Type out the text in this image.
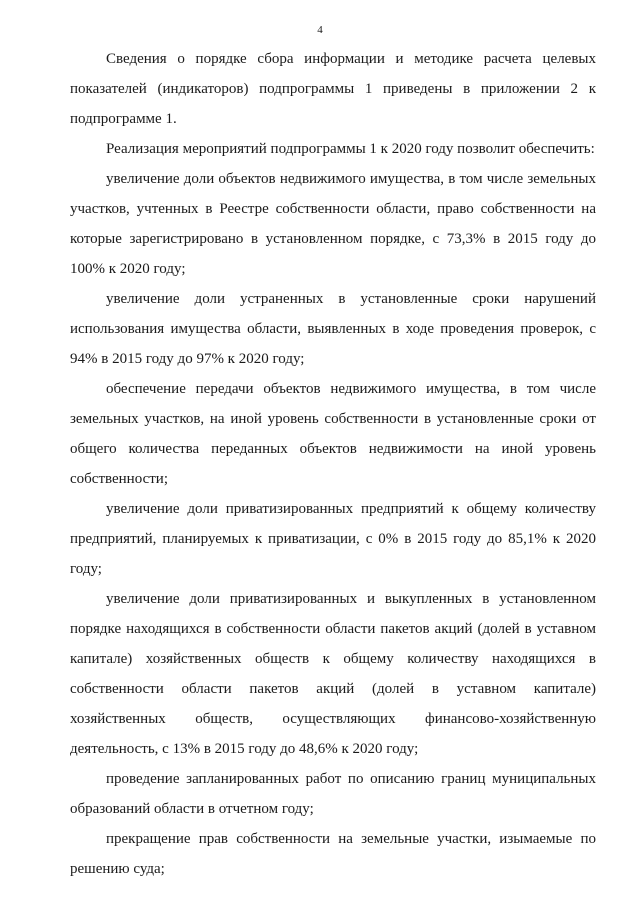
4

Сведения о порядке сбора информации и методике расчета целевых показателей (индикаторов) подпрограммы 1 приведены в приложении 2 к подпрограмме 1.

Реализация мероприятий подпрограммы 1 к 2020 году позволит обеспечить:

увеличение доли объектов недвижимого имущества, в том числе земельных участков, учтенных в Реестре собственности области, право собственности на которые зарегистрировано в установленном порядке, с 73,3% в 2015 году до 100% к 2020 году;

увеличение доли устраненных в установленные сроки нарушений использования имущества области, выявленных в ходе проведения проверок, с 94% в 2015 году до 97% к 2020 году;

обеспечение передачи объектов недвижимого имущества, в том числе земельных участков, на иной уровень собственности в установленные сроки от общего количества переданных объектов недвижимости на иной уровень собственности;

увеличение доли приватизированных предприятий к общему количеству предприятий, планируемых к приватизации, с 0% в 2015 году до 85,1% к 2020 году;

увеличение доли приватизированных и выкупленных в установленном порядке находящихся в собственности области пакетов акций (долей в уставном капитале) хозяйственных обществ к общему количеству находящихся в собственности области пакетов акций (долей в уставном капитале) хозяйственных обществ, осуществляющих финансово-хозяйственную деятельность, с 13% в 2015 году до 48,6% к 2020 году;

проведение запланированных работ по описанию границ муниципальных образований области в отчетном году;

прекращение прав собственности на земельные участки, изымаемые по решению суда;
